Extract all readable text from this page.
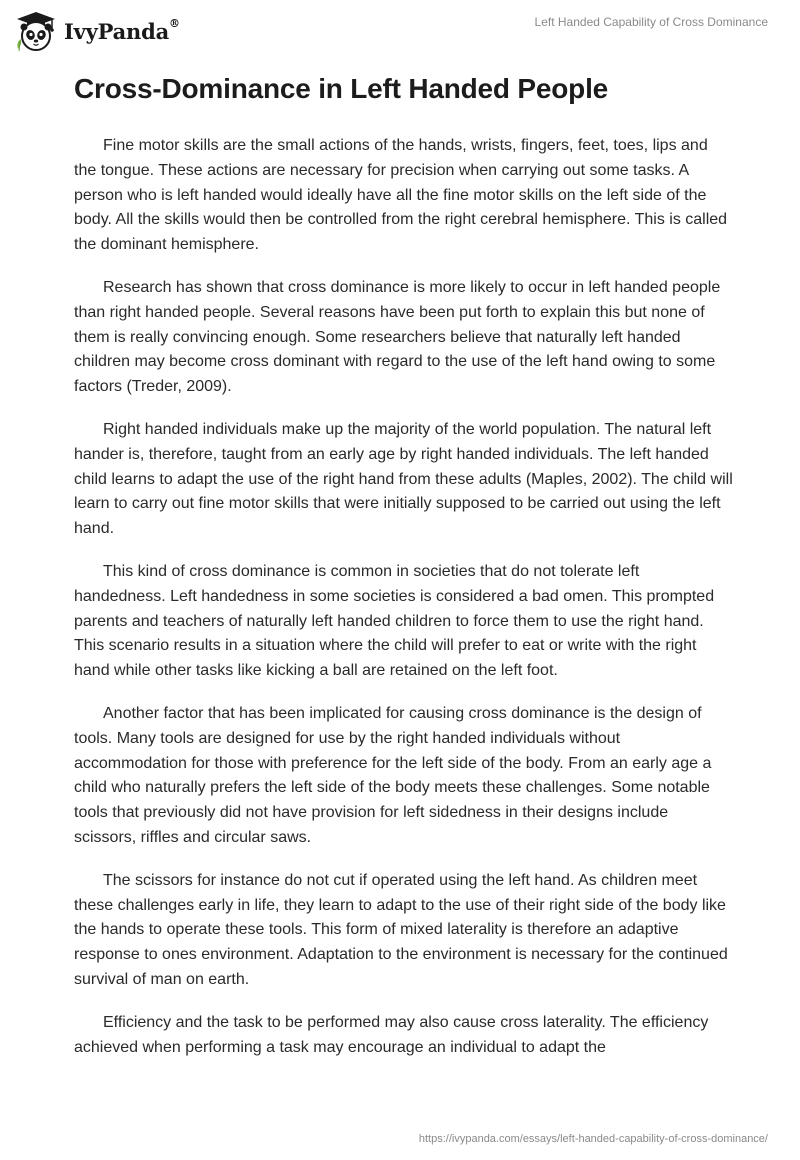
IvyPanda®	Left Handed Capability of Cross Dominance
Cross-Dominance in Left Handed People

Fine motor skills are the small actions of the hands, wrists, fingers, feet, toes, lips and the tongue. These actions are necessary for precision when carrying out some tasks. A person who is left handed would ideally have all the fine motor skills on the left side of the body. All the skills would then be controlled from the right cerebral hemisphere. This is called the dominant hemisphere.

Research has shown that cross dominance is more likely to occur in left handed people than right handed people. Several reasons have been put forth to explain this but none of them is really convincing enough. Some researchers believe that naturally left handed children may become cross dominant with regard to the use of the left hand owing to some factors (Treder, 2009).

Right handed individuals make up the majority of the world population. The natural left hander is, therefore, taught from an early age by right handed individuals. The left handed child learns to adapt the use of the right hand from these adults (Maples, 2002). The child will learn to carry out fine motor skills that were initially supposed to be carried out using the left hand.

This kind of cross dominance is common in societies that do not tolerate left handedness. Left handedness in some societies is considered a bad omen. This prompted parents and teachers of naturally left handed children to force them to use the right hand. This scenario results in a situation where the child will prefer to eat or write with the right hand while other tasks like kicking a ball are retained on the left foot.

Another factor that has been implicated for causing cross dominance is the design of tools. Many tools are designed for use by the right handed individuals without accommodation for those with preference for the left side of the body. From an early age a child who naturally prefers the left side of the body meets these challenges. Some notable tools that previously did not have provision for left sidedness in their designs include scissors, riffles and circular saws.

The scissors for instance do not cut if operated using the left hand. As children meet these challenges early in life, they learn to adapt to the use of their right side of the body like the hands to operate these tools. This form of mixed laterality is therefore an adaptive response to ones environment. Adaptation to the environment is necessary for the continued survival of man on earth.

Efficiency and the task to be performed may also cause cross laterality. The efficiency achieved when performing a task may encourage an individual to adapt the

https://ivypanda.com/essays/left-handed-capability-of-cross-dominance/
